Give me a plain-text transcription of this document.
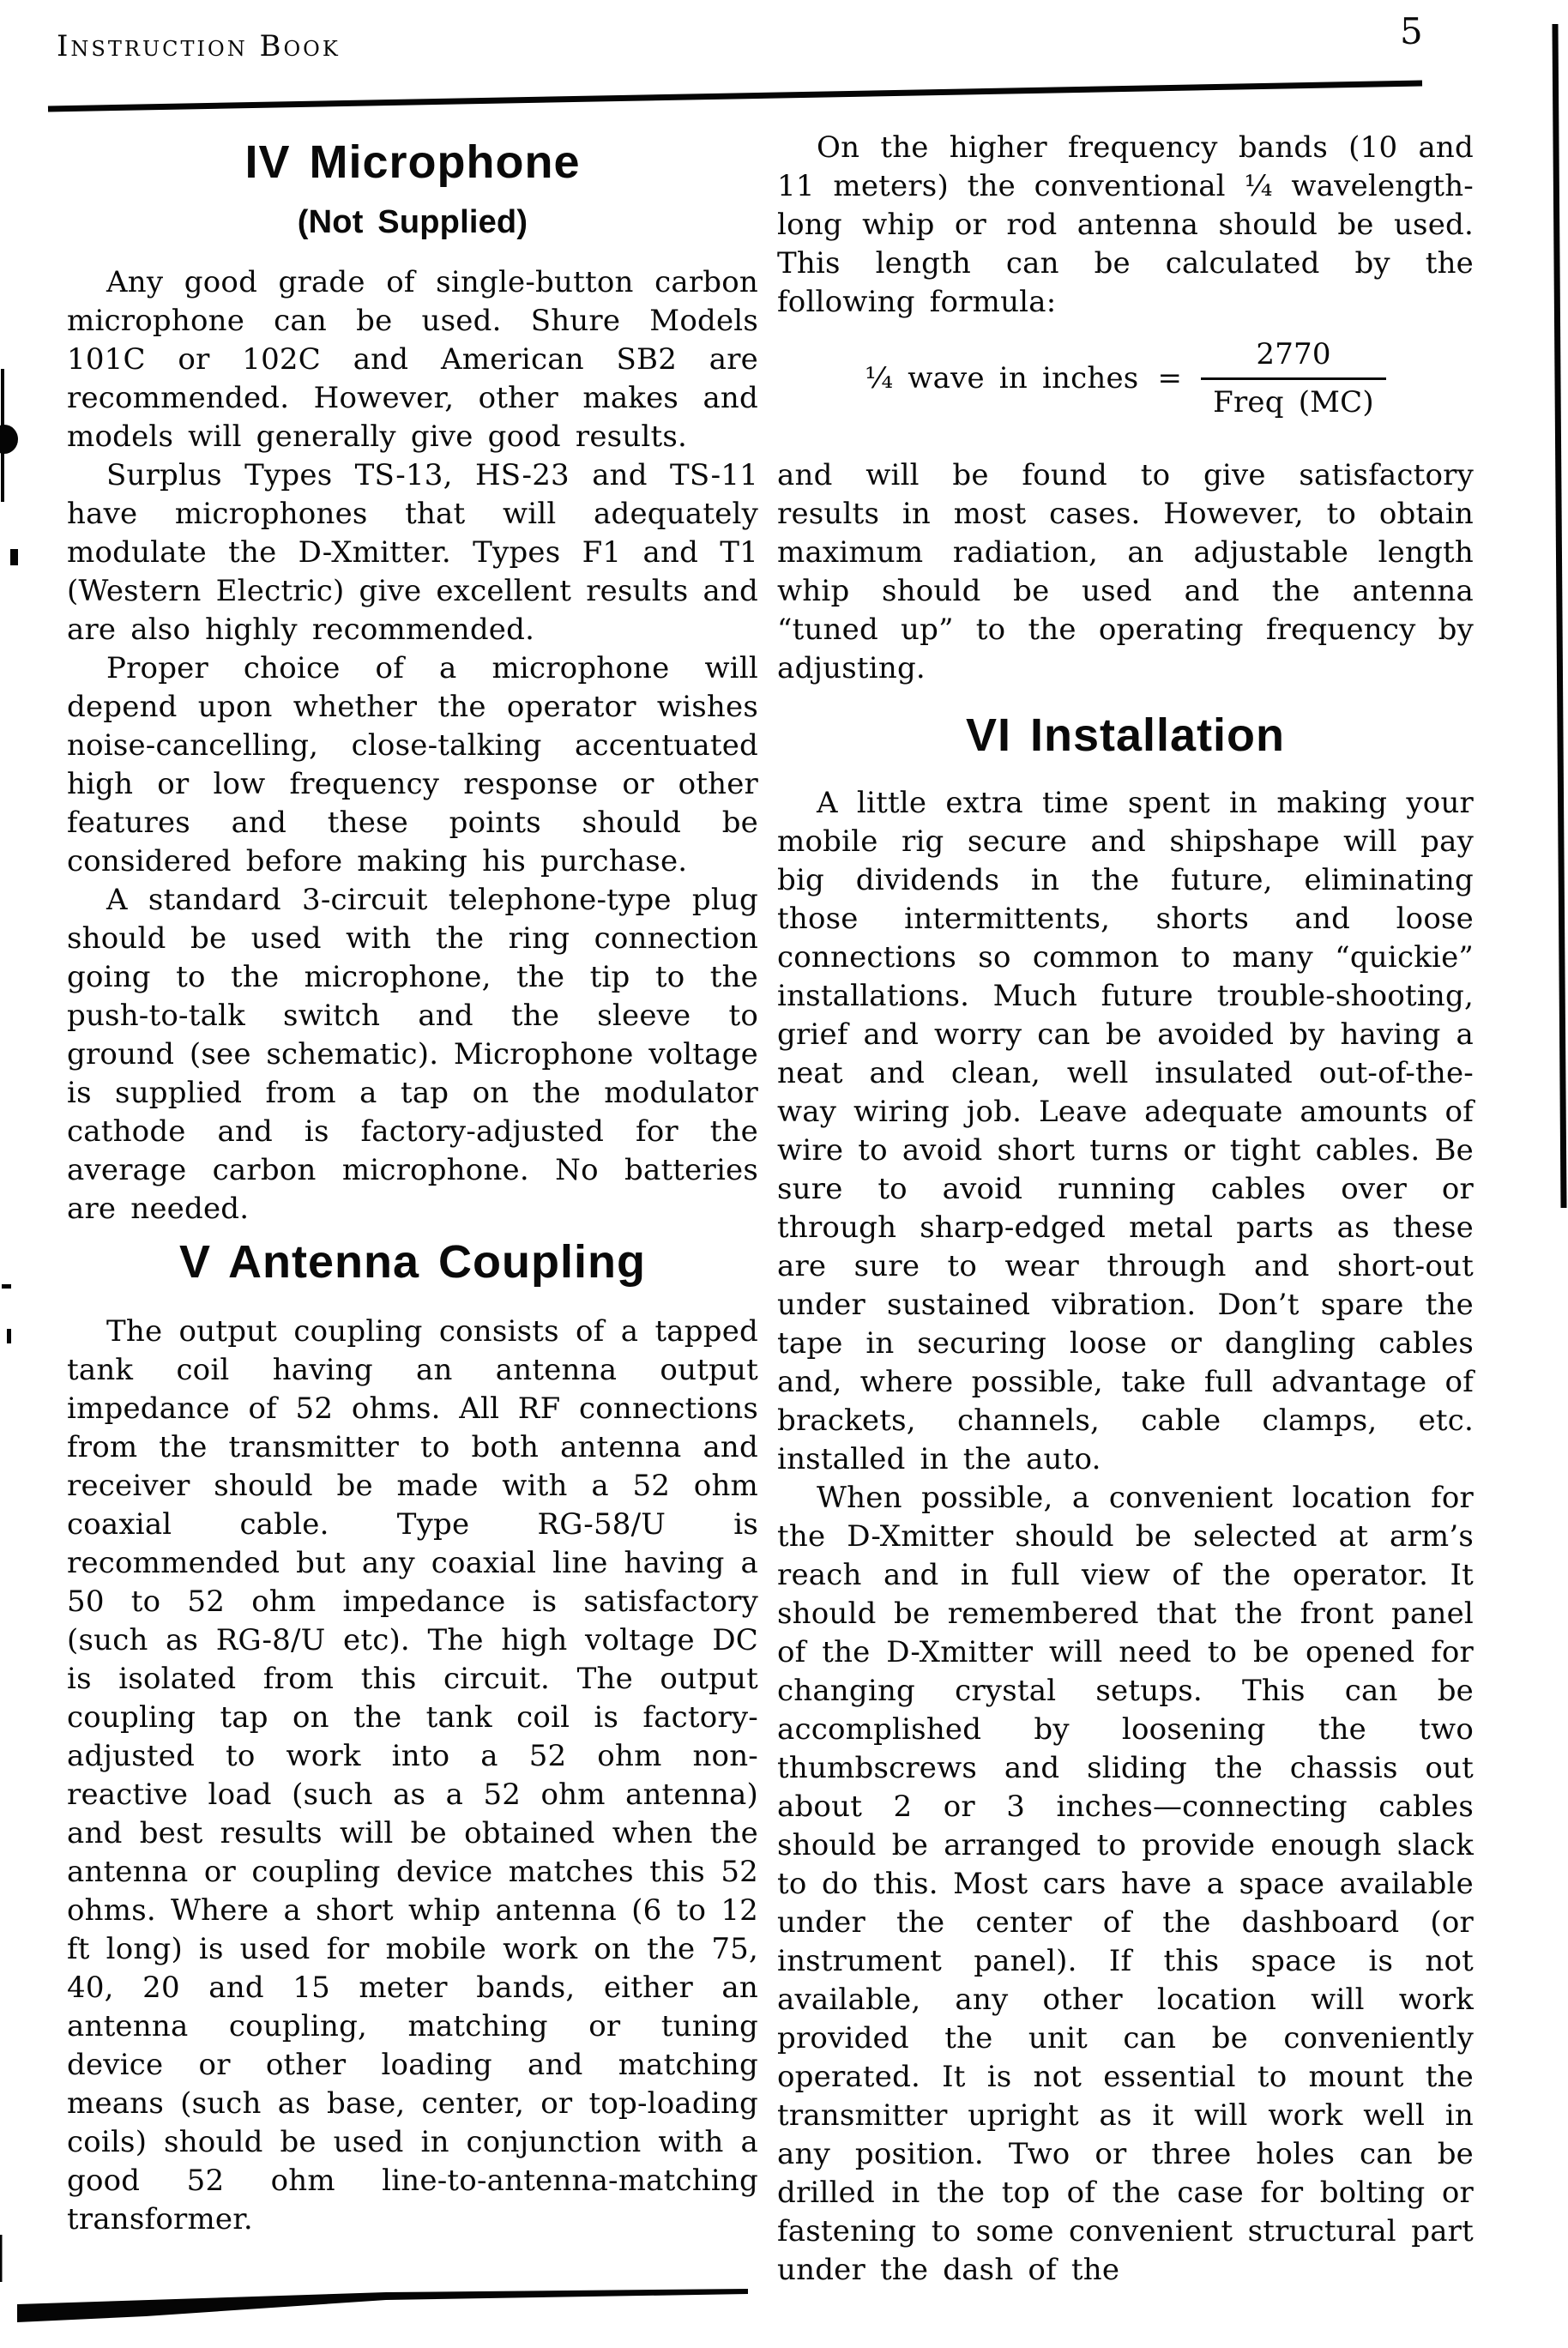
Instruction Book	5
IV Microphone
(Not Supplied)

Any good grade of single-button carbon microphone can be used. Shure Models 101C or 102C and American SB2 are recommended. However, other makes and models will generally give good results.

Surplus Types TS-13, HS-23 and TS-11 have microphones that will adequately modulate the D-Xmitter. Types F1 and T1 (Western Electric) give excellent results and are also highly recommended.

Proper choice of a microphone will depend upon whether the operator wishes noise-cancelling, close-talking accentuated high or low frequency response or other features and these points should be considered before making his purchase.

A standard 3-circuit telephone-type plug should be used with the ring connection going to the microphone, the tip to the push-to-talk switch and the sleeve to ground (see schematic). Microphone voltage is supplied from a tap on the modulator cathode and is factory-adjusted for the average carbon microphone. No batteries are needed.

V Antenna Coupling

The output coupling consists of a tapped tank coil having an antenna output impedance of 52 ohms. All RF connections from the transmitter to both antenna and receiver should be made with a 52 ohm coaxial cable. Type RG-58/U is recommended but any coaxial line having a 50 to 52 ohm impedance is satisfactory (such as RG-8/U etc). The high voltage DC is isolated from this circuit. The output coupling tap on the tank coil is factory-adjusted to work into a 52 ohm non-reactive load (such as a 52 ohm antenna) and best results will be obtained when the antenna or coupling device matches this 52 ohms. Where a short whip antenna (6 to 12 ft long) is used for mobile work on the 75, 40, 20 and 15 meter bands, either an antenna coupling, matching or tuning device or other loading and matching means (such as base, center, or top-loading coils) should be used in conjunction with a good 52 ohm line-to-antenna-matching transformer.

On the higher frequency bands (10 and 11 meters) the conventional ¼ wavelength-long whip or rod antenna should be used. This length can be calculated by the following formula:

¼ wave in inches = $\frac{2770}{\text{Freq (MC)}}$

and will be found to give satisfactory results in most cases. However, to obtain maximum radiation, an adjustable length whip should be used and the antenna “tuned up” to the operating frequency by adjusting.

VI Installation

A little extra time spent in making your mobile rig secure and shipshape will pay big dividends in the future, eliminating those intermittents, shorts and loose connections so common to many “quickie” installations. Much future trouble-shooting, grief and worry can be avoided by having a neat and clean, well insulated out-of-the-way wiring job. Leave adequate amounts of wire to avoid short turns or tight cables. Be sure to avoid running cables over or through sharp-edged metal parts as these are sure to wear through and short-out under sustained vibration. Don’t spare the tape in securing loose or dangling cables and, where possible, take full advantage of brackets, channels, cable clamps, etc. installed in the auto.

When possible, a convenient location for the D-Xmitter should be selected at arm’s reach and in full view of the operator. It should be remembered that the front panel of the D-Xmitter will need to be opened for changing crystal setups. This can be accomplished by loosening the two thumbscrews and sliding the chassis out about 2 or 3 inches—connecting cables should be arranged to provide enough slack to do this. Most cars have a space available under the center of the dashboard (or instrument panel). If this space is not available, any other location will work provided the unit can be conveniently operated. It is not essential to mount the transmitter upright as it will work well in any position. Two or three holes can be drilled in the top of the case for bolting or fastening to some convenient structural part under the dash of the
